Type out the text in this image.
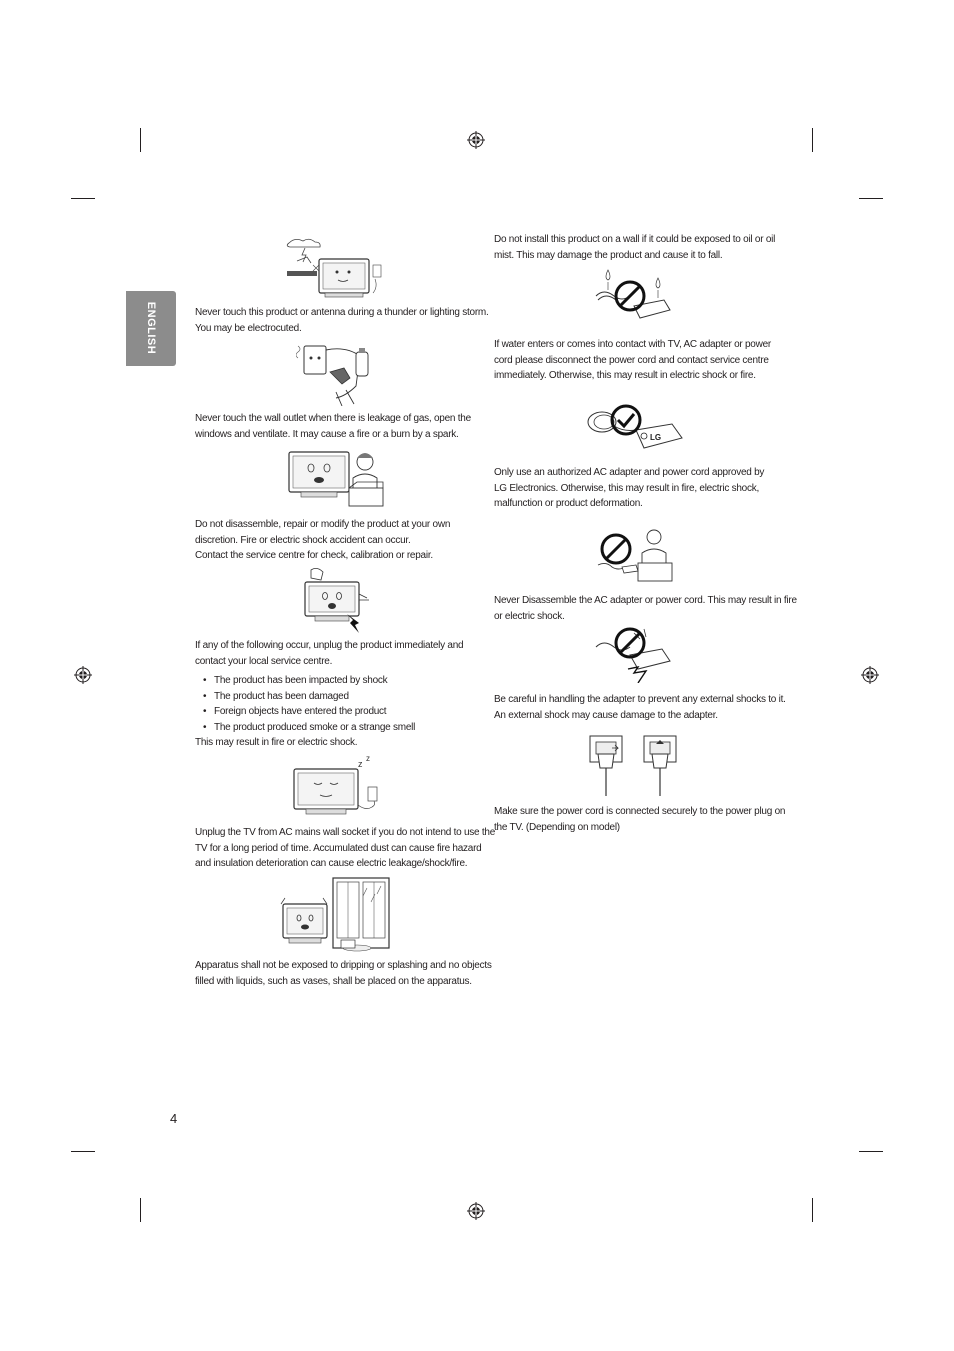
ENGLISH	Never touch this product or antenna during a thunder or lighting storm.
You may be electrocuted.

Never touch the wall outlet when there is leakage of gas, open the
windows and ventilate. It may cause a fire or a burn by a spark.

Do not disassemble, repair or modify the product at your own
discretion. Fire or electric shock accident can occur.
Contact the service centre for check, calibration or repair.

If any of the following occur, unplug the product immediately and
contact your local service centre.

• The product has been impacted by shock
• The product has been damaged
• Foreign objects have entered the product
• The product produced smoke or a strange smell

This may result in fire or electric shock.

z
z

Unplug the TV from AC mains wall socket if you do not intend to use the
TV for a long period of time. Accumulated dust can cause fire hazard
and insulation deterioration can cause electric leakage/shock/fire.

Apparatus shall not be exposed to dripping or splashing and no objects
filled with liquids, such as vases, shall be placed on the apparatus.

4

Do not install this product on a wall if it could be exposed to oil or oil
mist. This may damage the product and cause it to fall.

If water enters or comes into contact with TV, AC adapter or power
cord please disconnect the power cord and contact service centre
immediately. Otherwise, this may result in electric shock or fire.

LG

Only use an authorized AC adapter and power cord approved by
LG Electronics. Otherwise, this may result in fire, electric shock,
malfunction or product deformation.

Never Disassemble the AC adapter or power cord. This may result in fire
or electric shock.

Be careful in handling the adapter to prevent any external shocks to it.
An external shock may cause damage to the adapter.

Make sure the power cord is connected securely to the power plug on
the TV. (Depending on model)
